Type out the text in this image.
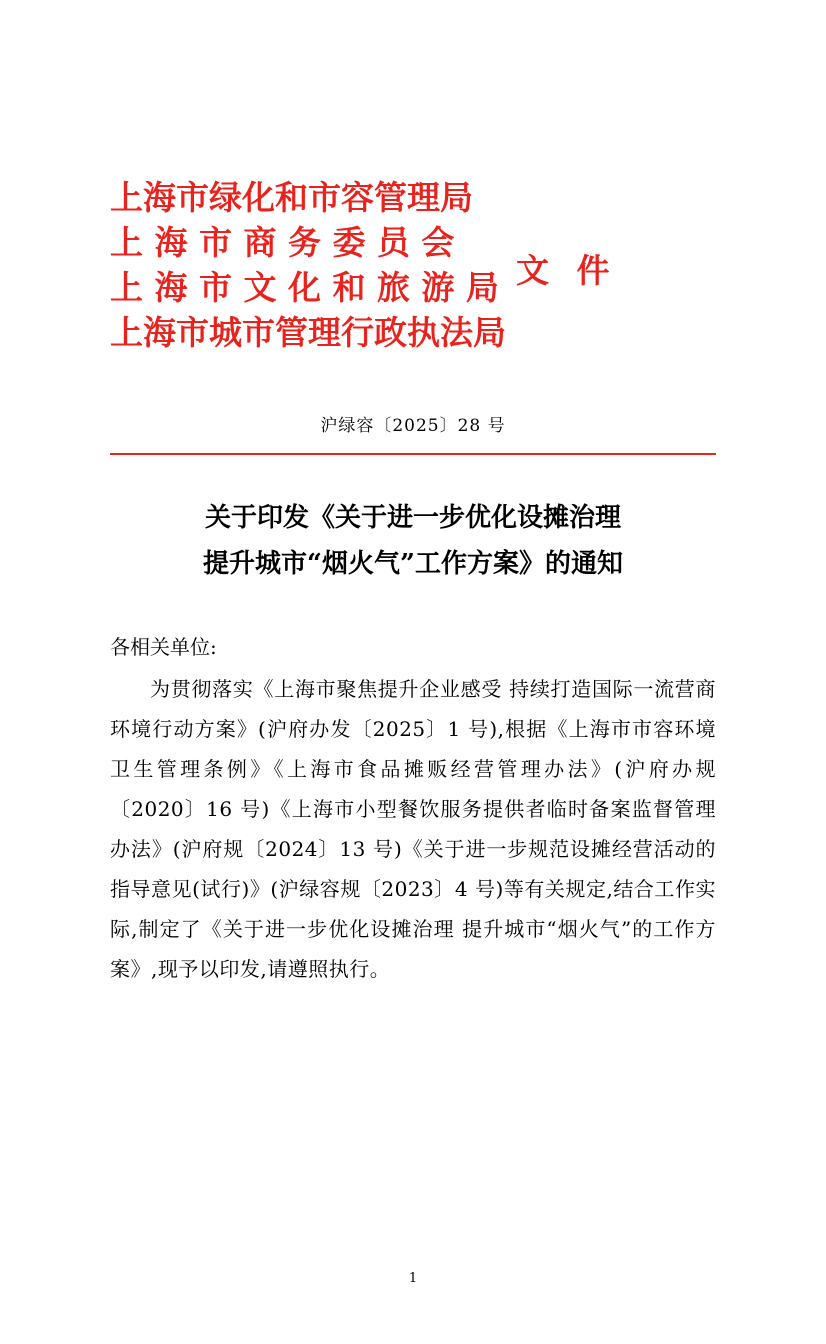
上海市绿化和市容管理局
上 海 市 商 务 委 员 会
上 海 市 文 化 和 旅 游 局
上海市城市管理行政执法局
文 件
沪绿容〔2025〕28 号
关于印发《关于进一步优化设摊治理
提升城市“烟火气”工作方案》的通知
各相关单位:
为贯彻落实《上海市聚焦提升企业感受 持续打造国际一流营商环境行动方案》(沪府办发〔2025〕1 号),根据《上海市市容环境卫生管理条例》《上海市食品摊贩经营管理办法》(沪府办规〔2020〕16 号)《上海市小型餐饮服务提供者临时备案监督管理办法》(沪府规〔2024〕13 号)《关于进一步规范设摊经营活动的指导意见(试行)》(沪绿容规〔2023〕4 号)等有关规定,结合工作实际,制定了《关于进一步优化设摊治理 提升城市“烟火气”的工作方案》,现予以印发,请遵照执行。
1
